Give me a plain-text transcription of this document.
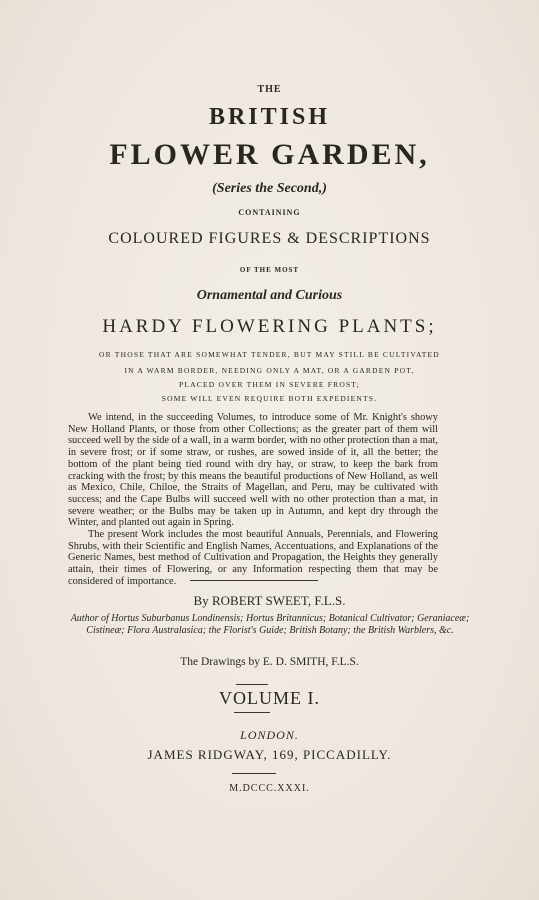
THE
BRITISH
FLOWER GARDEN,
(Series the Second,)
CONTAINING
COLOURED FIGURES & DESCRIPTIONS
OF THE MOST
Ornamental and Curious
HARDY FLOWERING PLANTS;
OR THOSE THAT ARE SOMEWHAT TENDER, BUT MAY STILL BE CULTIVATED
IN A WARM BORDER, NEEDING ONLY A MAT, OR A GARDEN POT,
PLACED OVER THEM IN SEVERE FROST;
SOME WILL EVEN REQUIRE BOTH EXPEDIENTS.

We intend, in the succeeding Volumes, to introduce some of Mr. Knight's showy New Holland Plants, or those from other Collections; as the greater part of them will succeed well by the side of a wall, in a warm border, with no other protection than a mat, in severe frost; or if some straw, or rushes, are sowed inside of it, all the better; the bottom of the plant being tied round with dry hay, or straw, to keep the bark from cracking with the frost; by this means the beautiful productions of New Holland, as well as Mexico, Chile, Chiloe, the Straits of Magellan, and Peru, may be cultivated with success; and the Cape Bulbs will succeed well with no other protection than a mat, in severe weather; or the Bulbs may be taken up in Autumn, and kept dry through the Winter, and planted out again in Spring.

The present Work includes the most beautiful Annuals, Perennials, and Flowering Shrubs, with their Scientific and English Names, Accentuations, and Explanations of the Generic Names, best method of Cultivation and Propagation, the Heights they generally attain, their times of Flowering, or any Information respecting them that may be considered of importance.

By ROBERT SWEET, F.L.S.
Author of Hortus Suburbanus Londinensis; Hortus Britannicus; Botanical Cultivator; Geraniaceæ; Cistineæ; Flora Australasica; the Florist's Guide; British Botany; the British Warblers, &c.
The Drawings by E. D. SMITH, F.L.S.
VOLUME I.
LONDON.
JAMES RIDGWAY, 169, PICCADILLY.
M.DCCC.XXXI.
